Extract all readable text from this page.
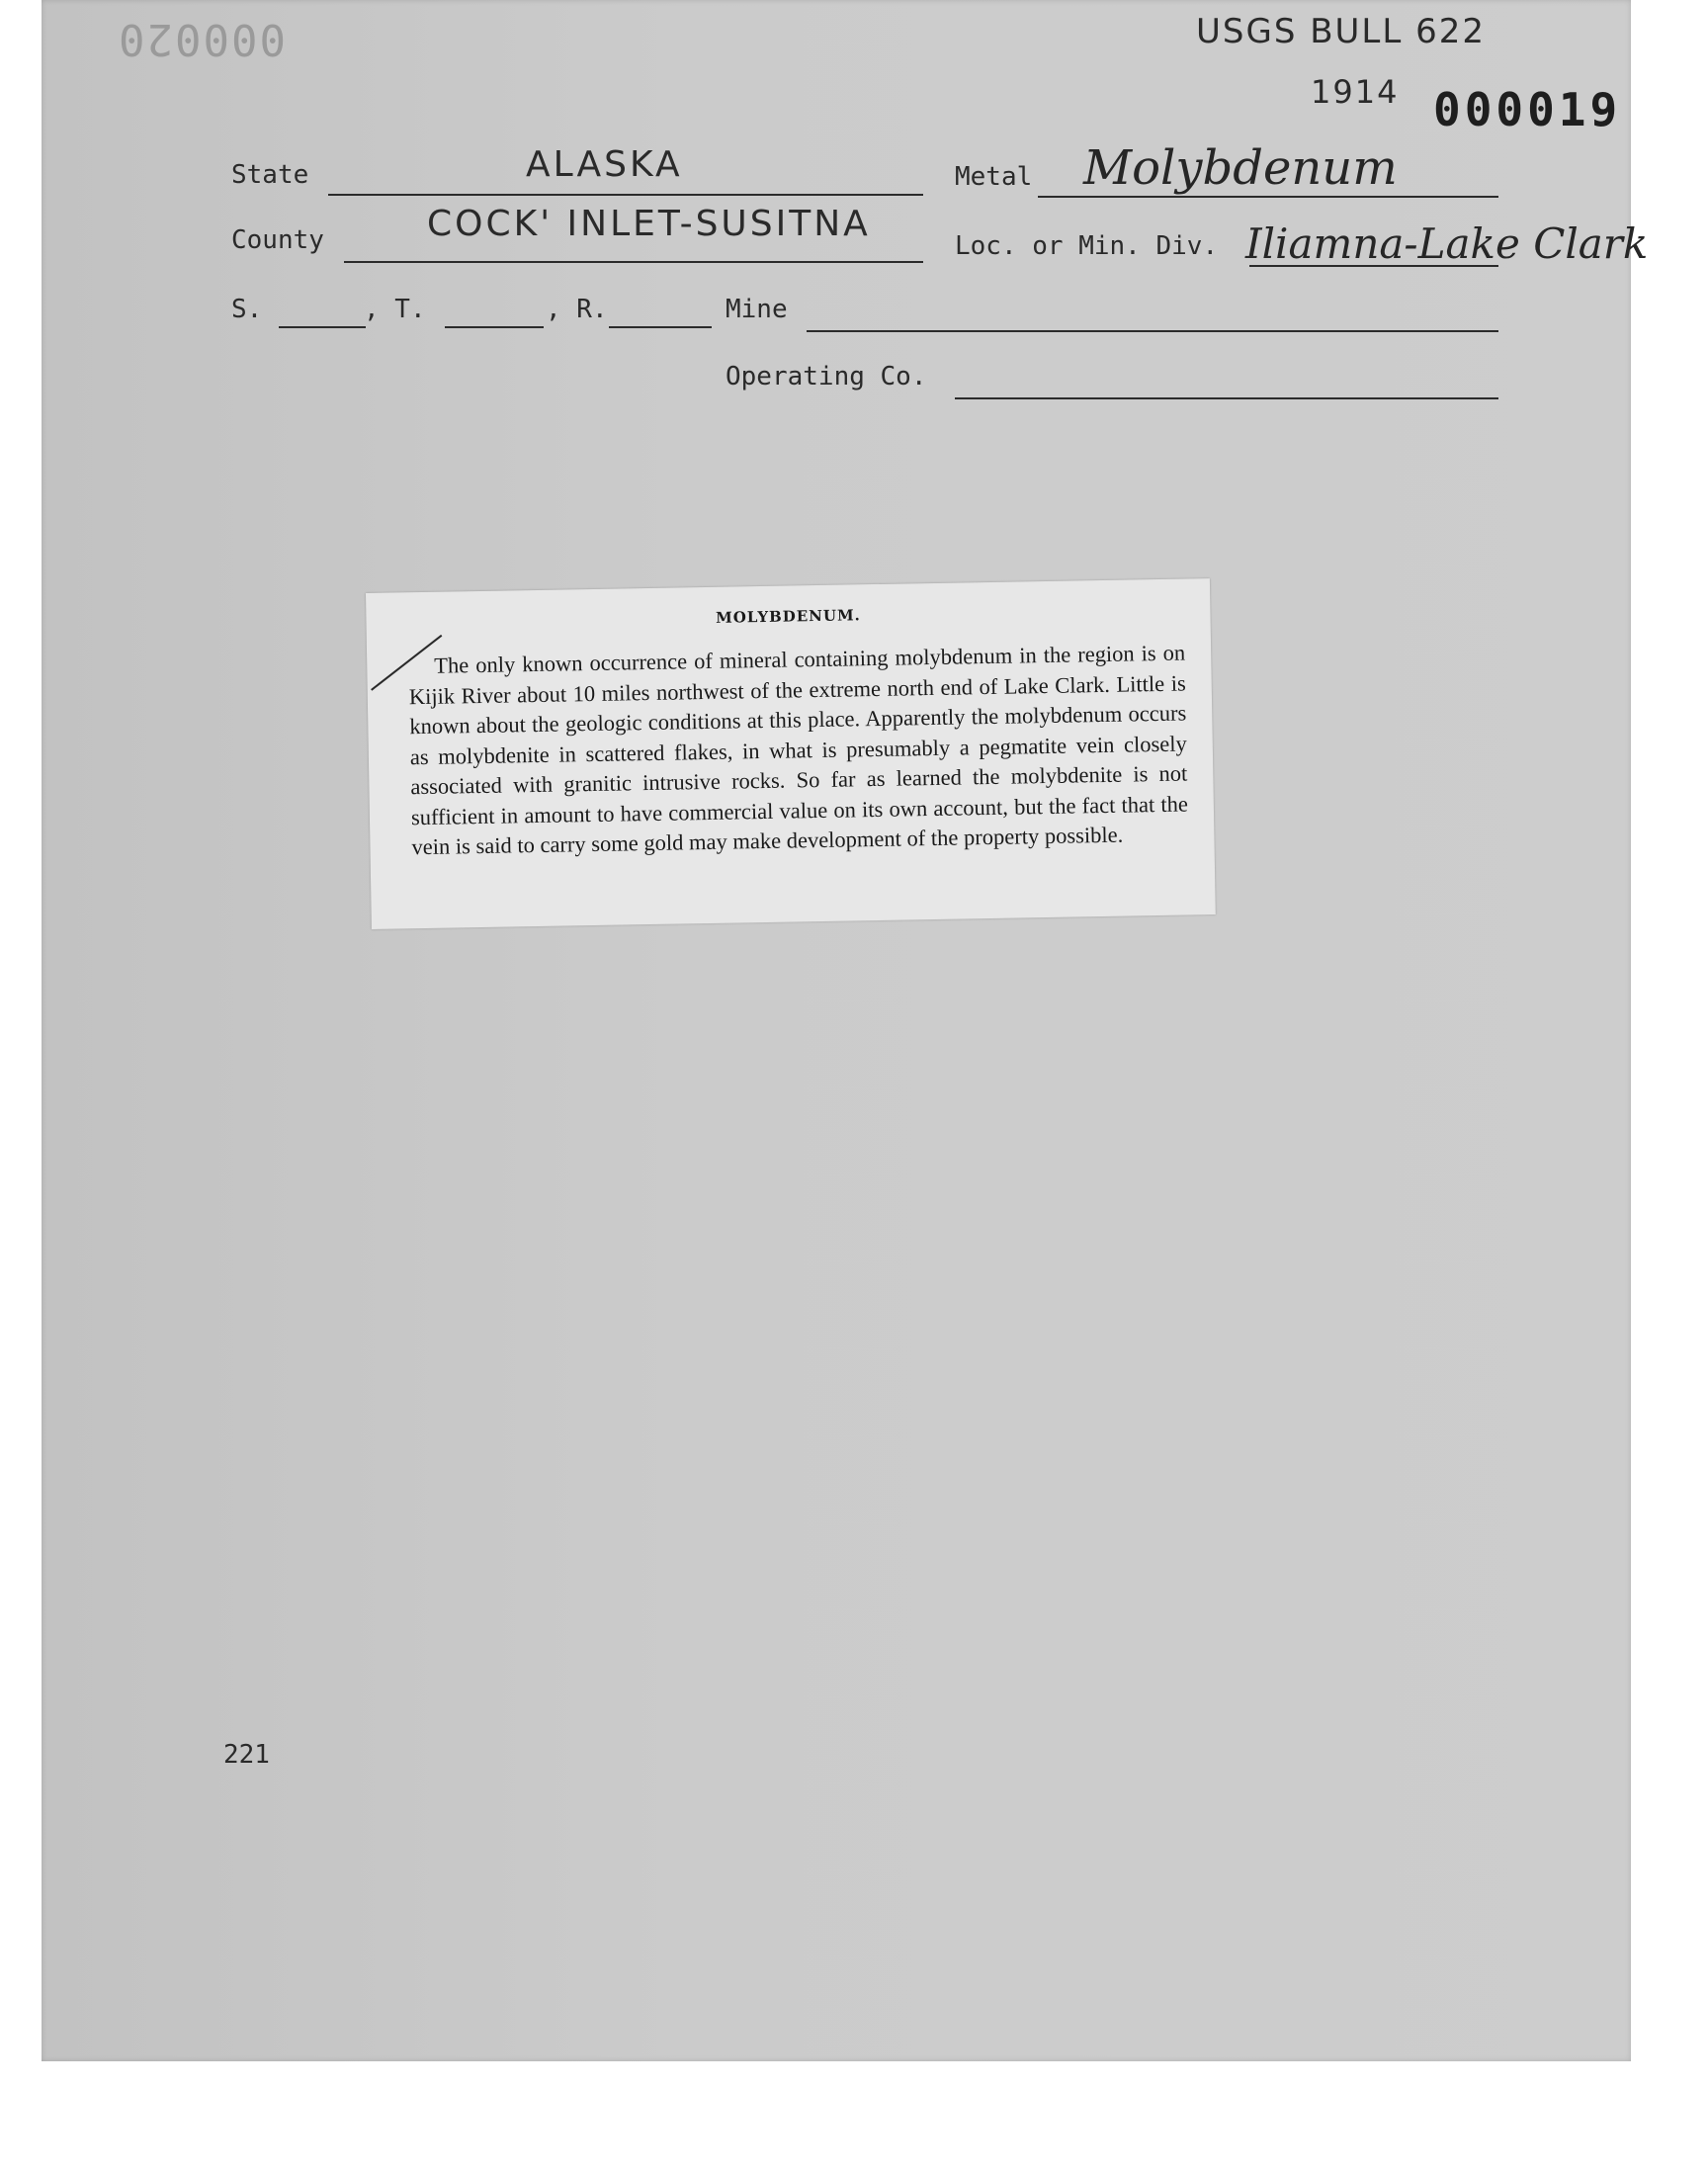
000020	USGS BULL 622
1914 000019
State	ALASKA	Metal Molybdenum
County	COCK' INLET-SUSITNA
Loc. or Min. Div. Iliamna-Lake Clark
S.	, T.	, R.	Mine
Operating Co.
MOLYBDENUM.
The only known occurrence of mineral containing molybdenum in the region is on Kijik River about 10 miles northwest of the extreme north end of Lake Clark. Little is known about the geologic conditions at this place. Apparently the molybdenum occurs as molybdenite in scattered flakes, in what is presumably a pegmatite vein closely associated with granitic intrusive rocks. So far as learned the molybdenite is not sufficient in amount to have commercial value on its own account, but the fact that the vein is said to carry some gold may make development of the property possible.
221
